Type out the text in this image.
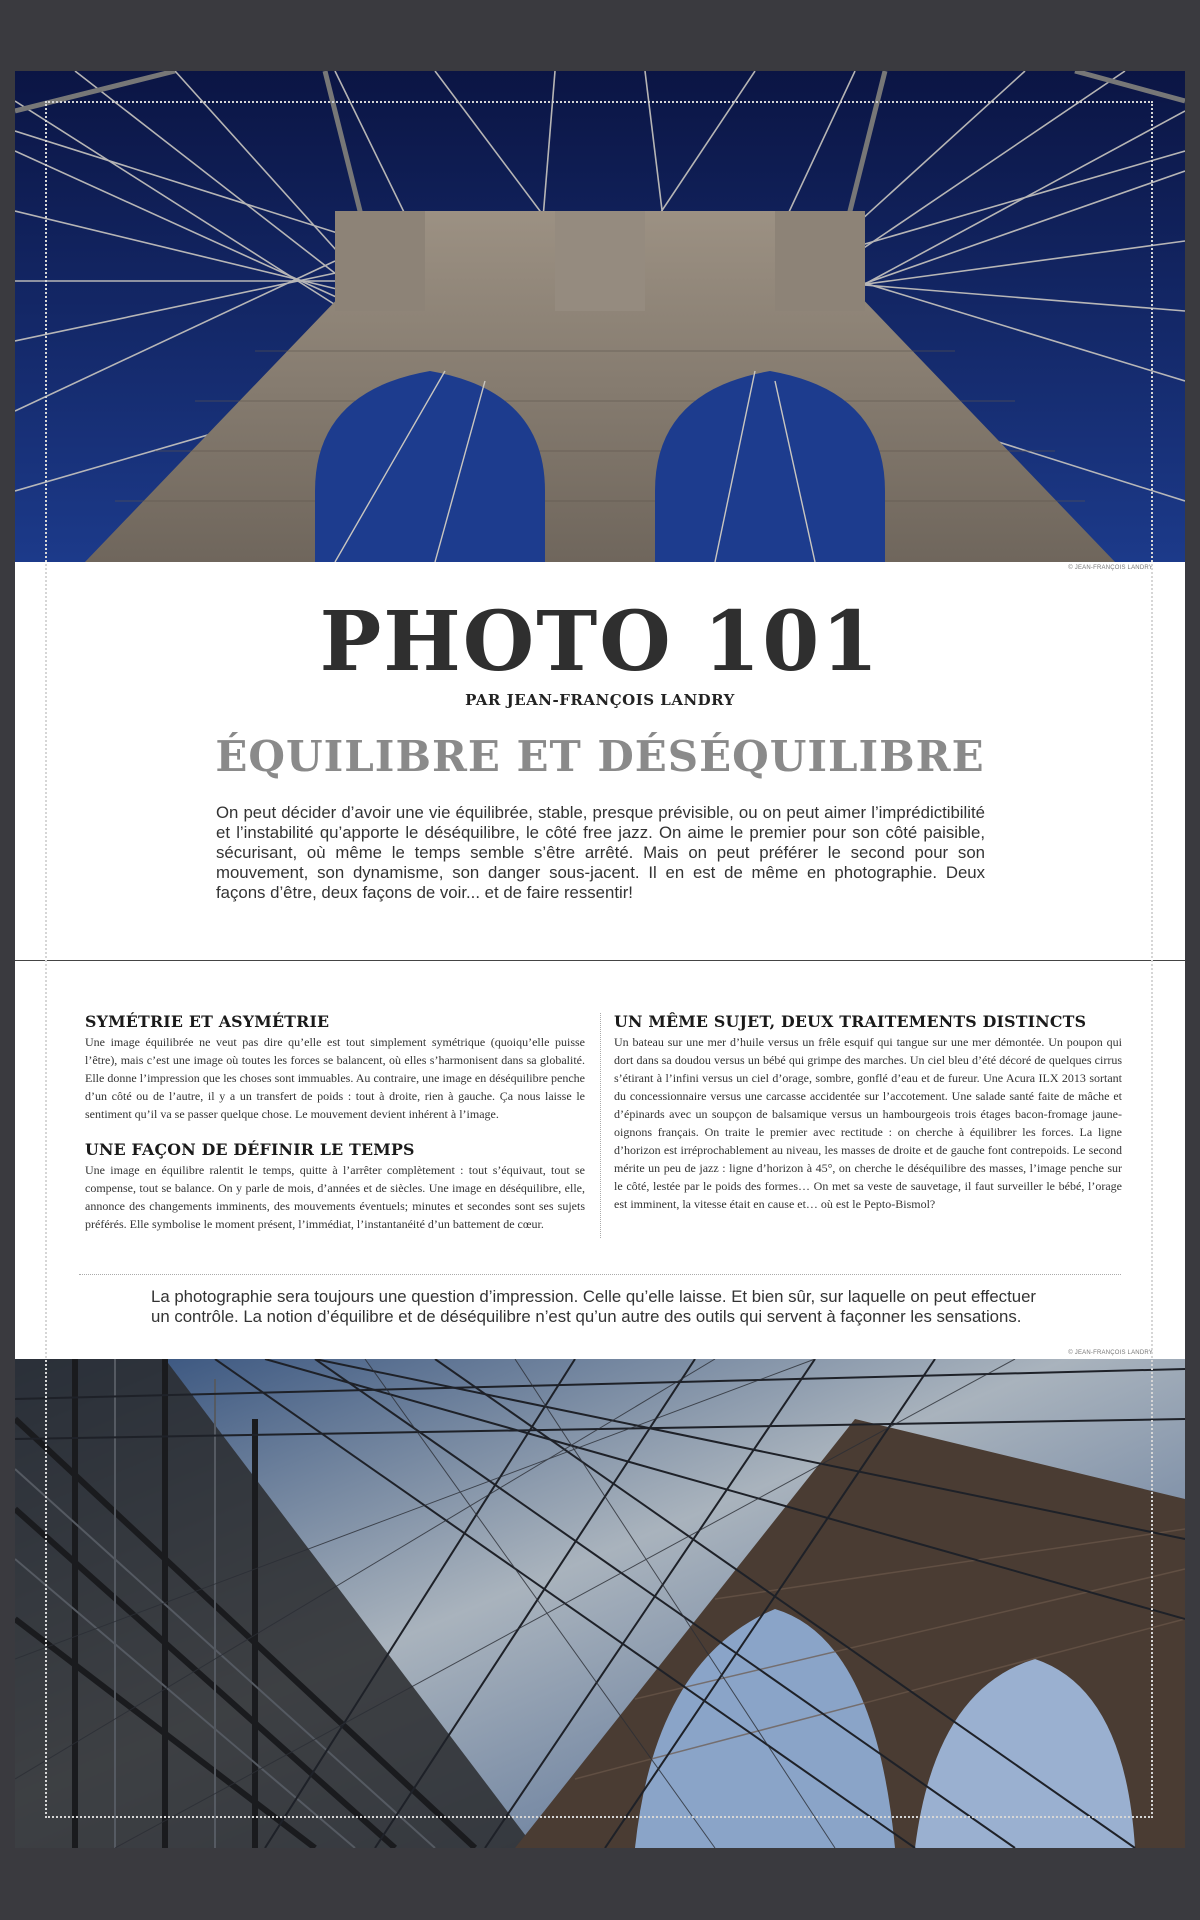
© JEAN-FRANÇOIS LANDRY
PHOTO 101
PAR JEAN-FRANÇOIS LANDRY
ÉQUILIBRE ET DÉSÉQUILIBRE

On peut décider d’avoir une vie équilibrée, stable, presque prévisible, ou on peut aimer l’imprédictibilité et l’instabilité qu’apporte le déséquilibre, le côté free jazz. On aime le premier pour son côté paisible, sécurisant, où même le temps semble s’être arrêté. Mais on peut préférer le second pour son mouvement, son dynamisme, son danger sous-jacent. Il en est de même en photographie. Deux façons d’être, deux façons de voir... et de faire ressentir!

SYMÉTRIE ET ASYMÉTRIE

Une image équilibrée ne veut pas dire qu’elle est tout simplement symétrique (quoiqu’elle puisse l’être), mais c’est une image où toutes les forces se balancent, où elles s’harmonisent dans sa globalité. Elle donne l’impression que les choses sont immuables. Au contraire, une image en déséquilibre penche d’un côté ou de l’autre, il y a un transfert de poids : tout à droite, rien à gauche. Ça nous laisse le sentiment qu’il va se passer quelque chose. Le mouvement devient inhérent à l’image.

UNE FAÇON DE DÉFINIR LE TEMPS

Une image en équilibre ralentit le temps, quitte à l’arrêter complètement : tout s’équivaut, tout se compense, tout se balance. On y parle de mois, d’années et de siècles. Une image en déséquilibre, elle, annonce des changements imminents, des mouvements éventuels; minutes et secondes sont ses sujets préférés. Elle symbolise le moment présent, l’immédiat, l’instantanéité d’un battement de cœur.

UN MÊME SUJET, DEUX TRAITEMENTS DISTINCTS

Un bateau sur une mer d’huile versus un frêle esquif qui tangue sur une mer démontée. Un poupon qui dort dans sa doudou versus un bébé qui grimpe des marches. Un ciel bleu d’été décoré de quelques cirrus s’étirant à l’infini versus un ciel d’orage, sombre, gonflé d’eau et de fureur. Une Acura ILX 2013 sortant du concessionnaire versus une carcasse accidentée sur l’accotement. Une salade santé faite de mâche et d’épinards avec un soupçon de balsamique versus un hambourgeois trois étages bacon-fromage jaune-oignons français. On traite le premier avec rectitude : on cherche à équilibrer les forces. La ligne d’horizon est irréprochablement au niveau, les masses de droite et de gauche font contrepoids. Le second mérite un peu de jazz : ligne d’horizon à 45°, on cherche le déséquilibre des masses, l’image penche sur le côté, lestée par le poids des formes… On met sa veste de sauvetage, il faut surveiller le bébé, l’orage est imminent, la vitesse était en cause et… où est le Pepto-Bismol?

La photographie sera toujours une question d’impression. Celle qu’elle laisse. Et bien sûr, sur laquelle on peut effectuer un contrôle. La notion d’équilibre et de déséquilibre n’est qu’un autre des outils qui servent à façonner les sensations.

© JEAN-FRANÇOIS LANDRY
